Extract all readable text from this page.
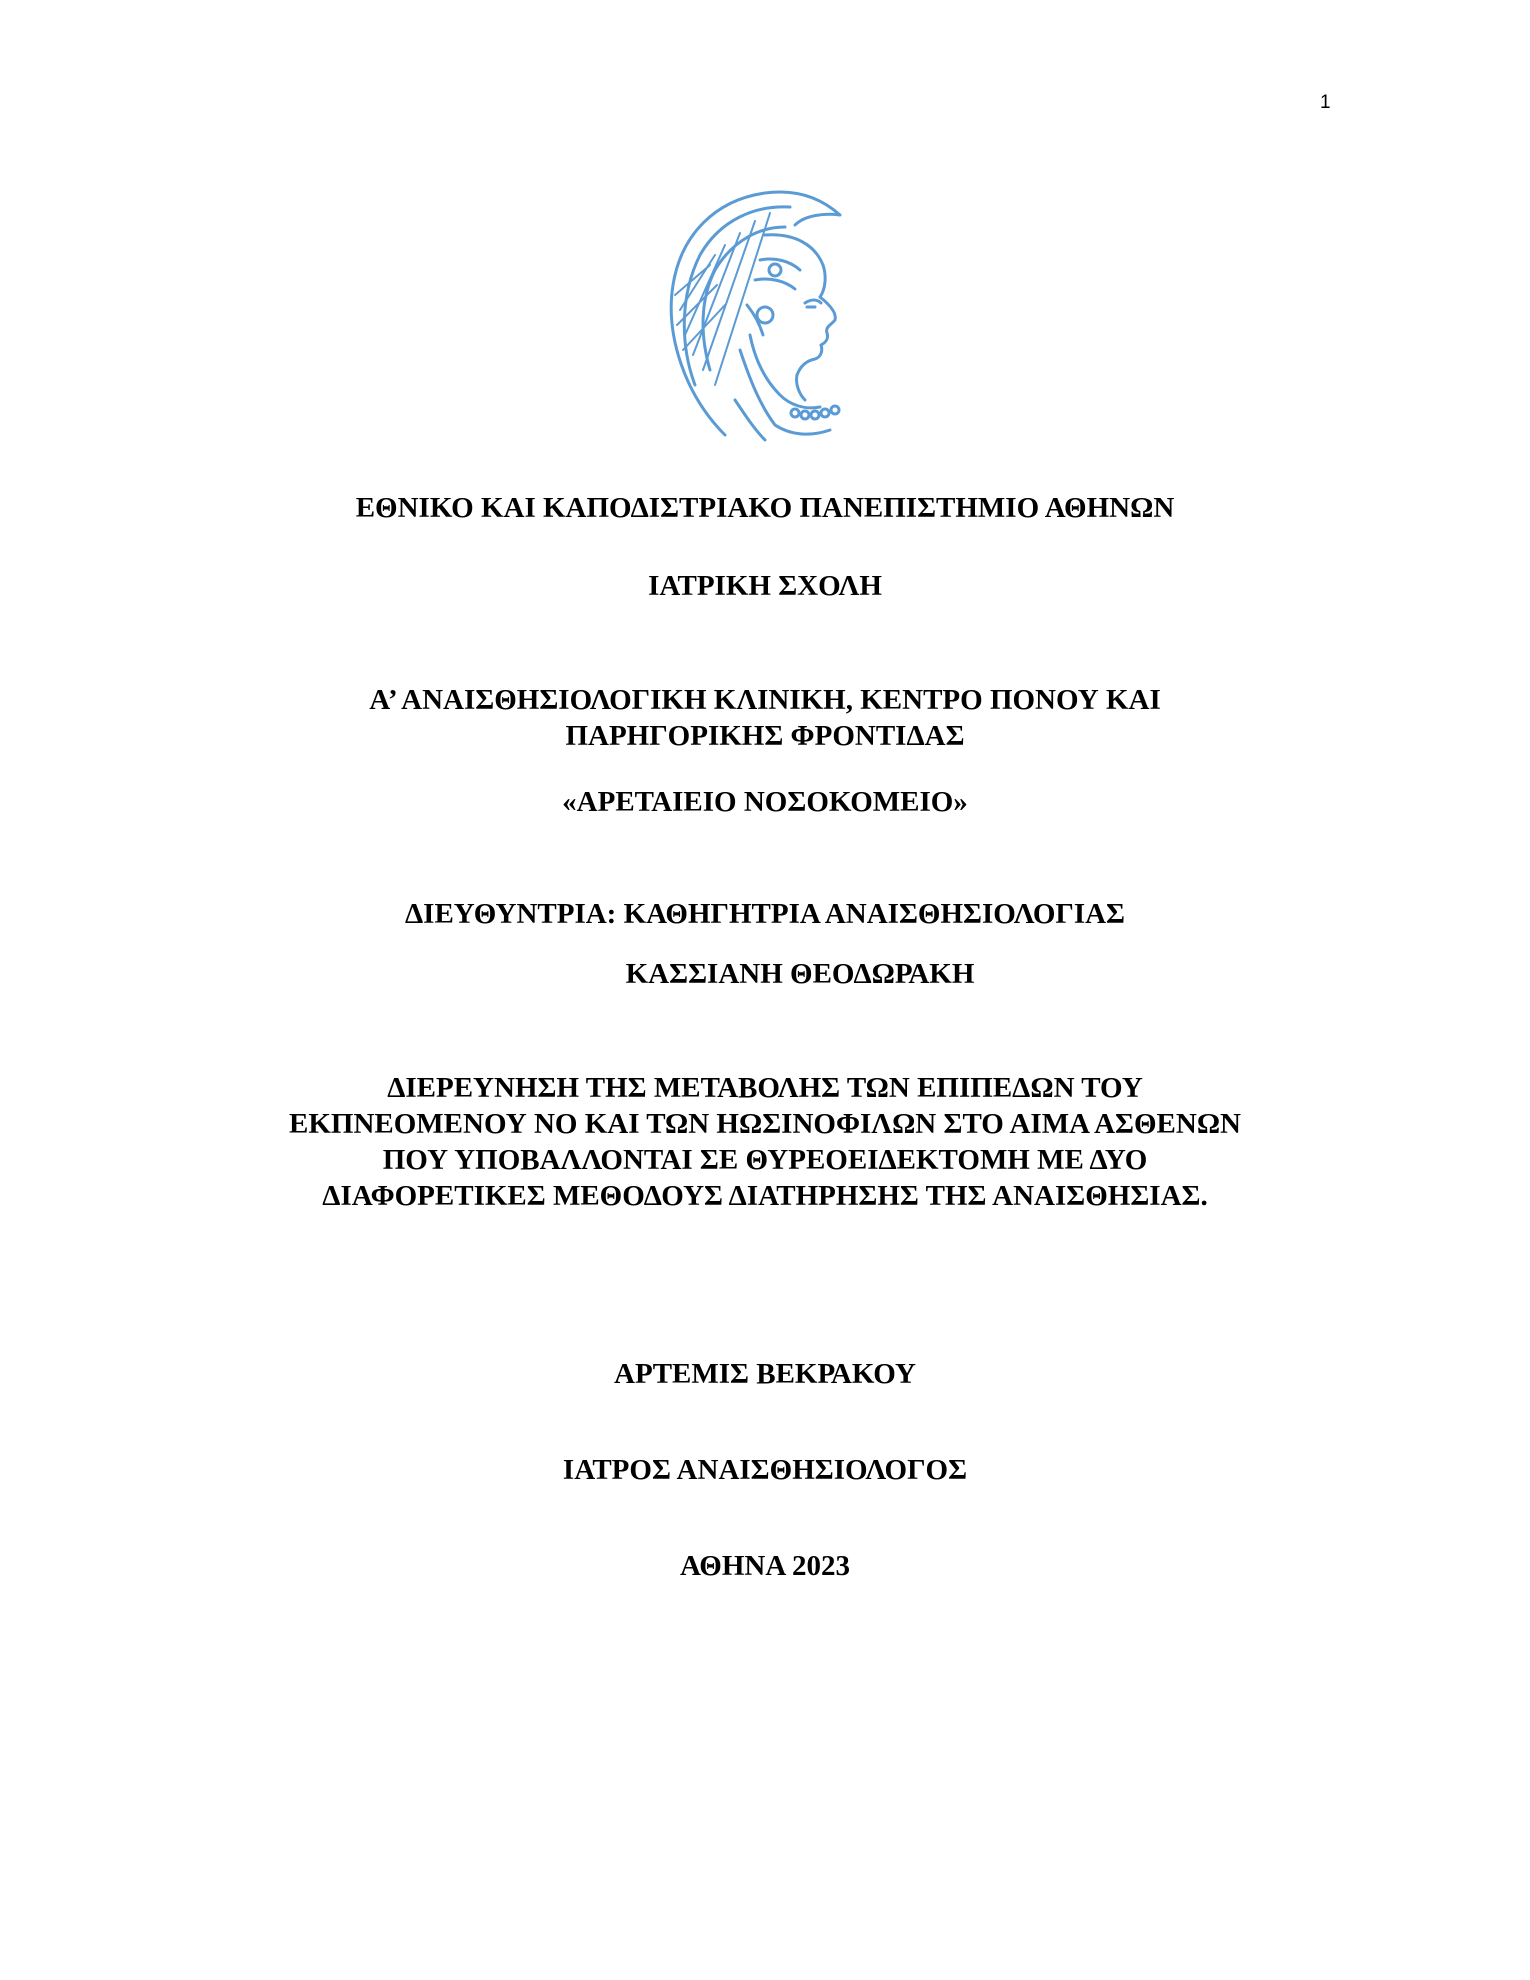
1
ΕΘΝΙΚΟ ΚΑΙ ΚΑΠΟΔΙΣΤΡΙΑΚΟ ΠΑΝΕΠΙΣΤΗΜΙΟ ΑΘΗΝΩΝ
ΙΑΤΡΙΚΗ ΣΧΟΛΗ
Α’ ΑΝΑΙΣΘΗΣΙΟΛΟΓΙΚΗ ΚΛΙΝΙΚΗ, ΚΕΝΤΡΟ ΠΟΝΟΥ ΚΑΙ
ΠΑΡΗΓΟΡΙΚΗΣ ΦΡΟΝΤΙΔΑΣ
«ΑΡΕΤΑΙΕΙΟ ΝΟΣΟΚΟΜΕΙΟ»
ΔΙΕΥΘΥΝΤΡΙΑ: ΚΑΘΗΓΗΤΡΙΑ ΑΝΑΙΣΘΗΣΙΟΛΟΓΙΑΣ
ΚΑΣΣΙΑΝΗ ΘΕΟΔΩΡΑΚΗ
ΔΙΕΡΕΥΝΗΣΗ ΤΗΣ ΜΕΤΑΒΟΛΗΣ ΤΩΝ ΕΠΙΠΕΔΩΝ ΤΟΥ
ΕΚΠΝΕΟΜΕΝΟΥ ΝΟ ΚΑΙ ΤΩΝ ΗΩΣΙΝΟΦΙΛΩΝ ΣΤΟ ΑΙΜΑ ΑΣΘΕΝΩΝ
ΠΟΥ ΥΠΟΒΑΛΛΟΝΤΑΙ ΣΕ ΘΥΡΕΟΕΙΔΕΚΤΟΜΗ ΜΕ ΔΥΟ
ΔΙΑΦΟΡΕΤΙΚΕΣ ΜΕΘΟΔΟΥΣ ΔΙΑΤΗΡΗΣΗΣ ΤΗΣ ΑΝΑΙΣΘΗΣΙΑΣ.
ΑΡΤΕΜΙΣ ΒΕΚΡΑΚΟΥ
ΙΑΤΡΟΣ ΑΝΑΙΣΘΗΣΙΟΛΟΓΟΣ
ΑΘΗΝΑ 2023
